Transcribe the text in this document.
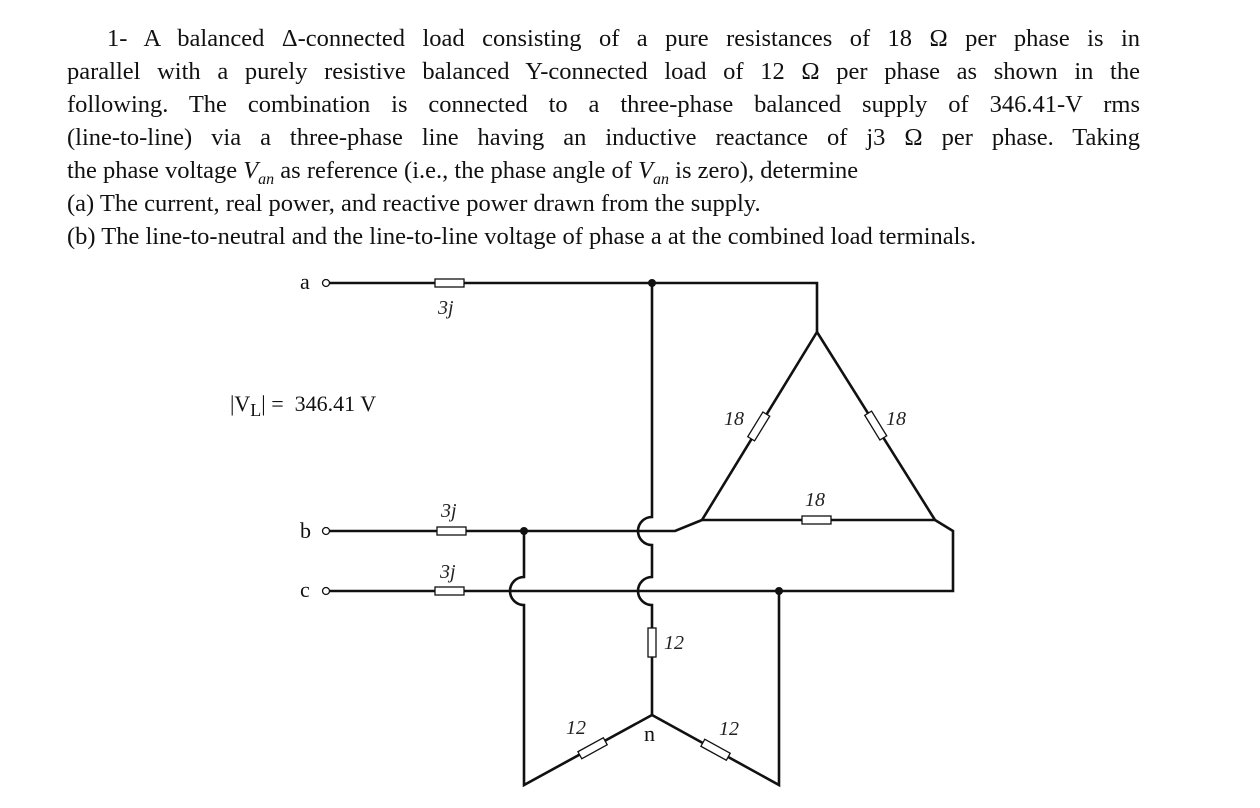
1- A balanced Δ-connected load consisting of a pure resistances of 18 Ω per phase is in
parallel with a purely resistive balanced Y-connected load of 12 Ω per phase as shown in the
following. The combination is connected to a three-phase balanced supply of 346.41-V rms
(line-to-line) via a three-phase line having an inductive reactance of j3 Ω per phase. Taking
the phase voltage $V_{an}$ as reference (i.e., the phase angle of $V_{an}$ is zero), determine
(a) The current, real power, and reactive power drawn from the supply.
(b) The line-to-neutral and the line-to-line voltage of phase a at the combined load terminals.
a
b
c
n
3j
3j
3j
18	18
18
12
12	12
$|V_L| = 346.41$ V
